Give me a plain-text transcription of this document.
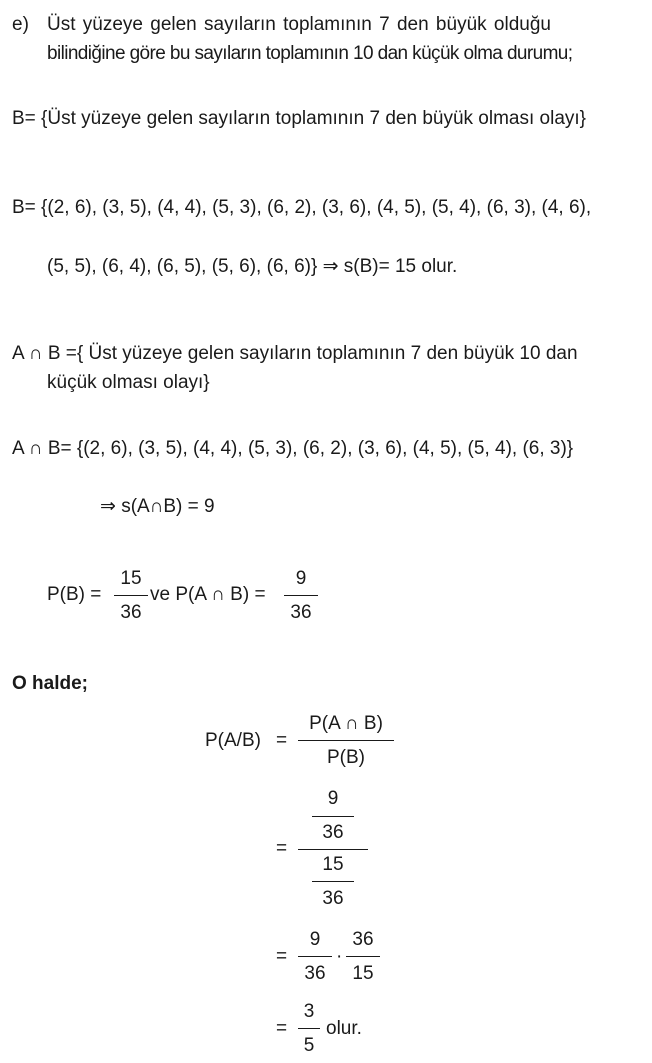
e) Üst yüzeye gelen sayıların toplamının 7 den büyük olduğu
bilindiğine göre bu sayıların toplamının 10 dan küçük olma durumu;
B= {Üst yüzeye gelen sayıların toplamının 7 den büyük olması olayı}
B= {(2, 6), (3, 5), (4, 4), (5, 3), (6, 2), (3, 6), (4, 5), (5, 4), (6, 3), (4, 6),
(5, 5), (6, 4), (6, 5), (5, 6), (6, 6)} ⇒ s(B)= 15 olur.
A ∩ B ={ Üst yüzeye gelen sayıların toplamının 7 den büyük 10 dan
küçük olması olayı}
A ∩ B= {(2, 6), (3, 5), (4, 4), (5, 3), (6, 2), (3, 6), (4, 5), (5, 4), (6, 3)}
⇒ s(A∩B) = 9
P(B) =
15
36
ve P(A ∩ B) =
9
36
O halde;
P(A/B) =
P(A ∩ B)
P(B)
=
9
36
15
36
=
9
36
·
36
15
=
3
5
olur.
